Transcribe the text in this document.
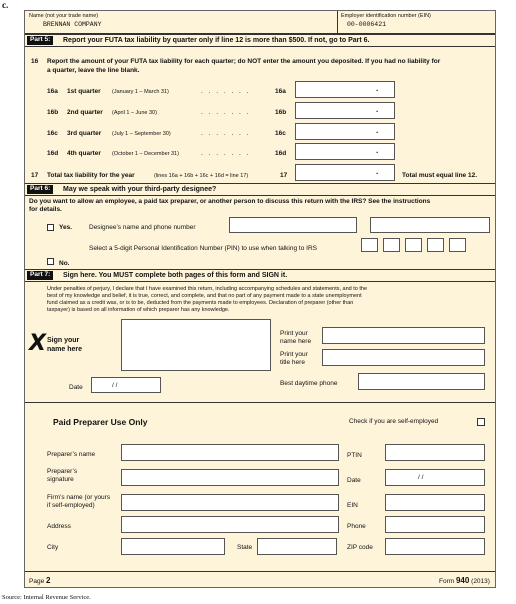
c.
Name (not your trade name)
BRENNAN COMPANY
Employer identification number (EIN)
00-0006421
Part 5:	Report your FUTA tax liability by quarter only if line 12 is more than $500. If not, go to Part 6.
16 Report the amount of your FUTA tax liability for each quarter; do NOT enter the amount you deposited. If you had no liability for
a quarter, leave the line blank.
16a 1st quarter (January 1 – March 31)	. . . . . . .	16a	.
16b 2nd quarter (April 1 – June 30)	. . . . . . .	16b	.
16c 3rd quarter (July 1 – September 30)	. . . . . . .	16c	.
16d 4th quarter (October 1 – December 31)	. . . . . . .	16d	.
17 Total tax liability for the year	(lines 16a + 16b + 16c + 16d = line 17)	17	.	Total must equal line 12.
Part 6:	May we speak with your third-party designee?
Do you want to allow an employee, a paid tax preparer, or another person to discuss this return with the IRS? See the instructions
for details.
Yes.	Designee’s name and phone number
Select a 5-digit Personal Identification Number (PIN) to use when talking to IRS
No.
Part 7:	Sign here. You MUST complete both pages of this form and SIGN it.
Under penalties of perjury, I declare that I have examined this return, including accompanying schedules and statements, and to the
best of my knowledge and belief, it is true, correct, and complete, and that no part of any payment made to a state unemployment
fund claimed as a credit was, or is to be, deducted from the payments made to employees. Declaration of preparer (other than
taxpayer) is based on all information of which preparer has any knowledge.
X Sign your
name here
Print your
name here
Print your
title here
Date	/ /	Best daytime phone
Paid Preparer Use Only	Check if you are self-employed
Preparer’s name	PTIN
Preparer’s
signature	Date	/ /
Firm’s name (or yours
if self-employed)	EIN
Address	Phone
City	State	ZIP code
Page 2	Form 940 (2013)
Source: Internal Revenue Service.
